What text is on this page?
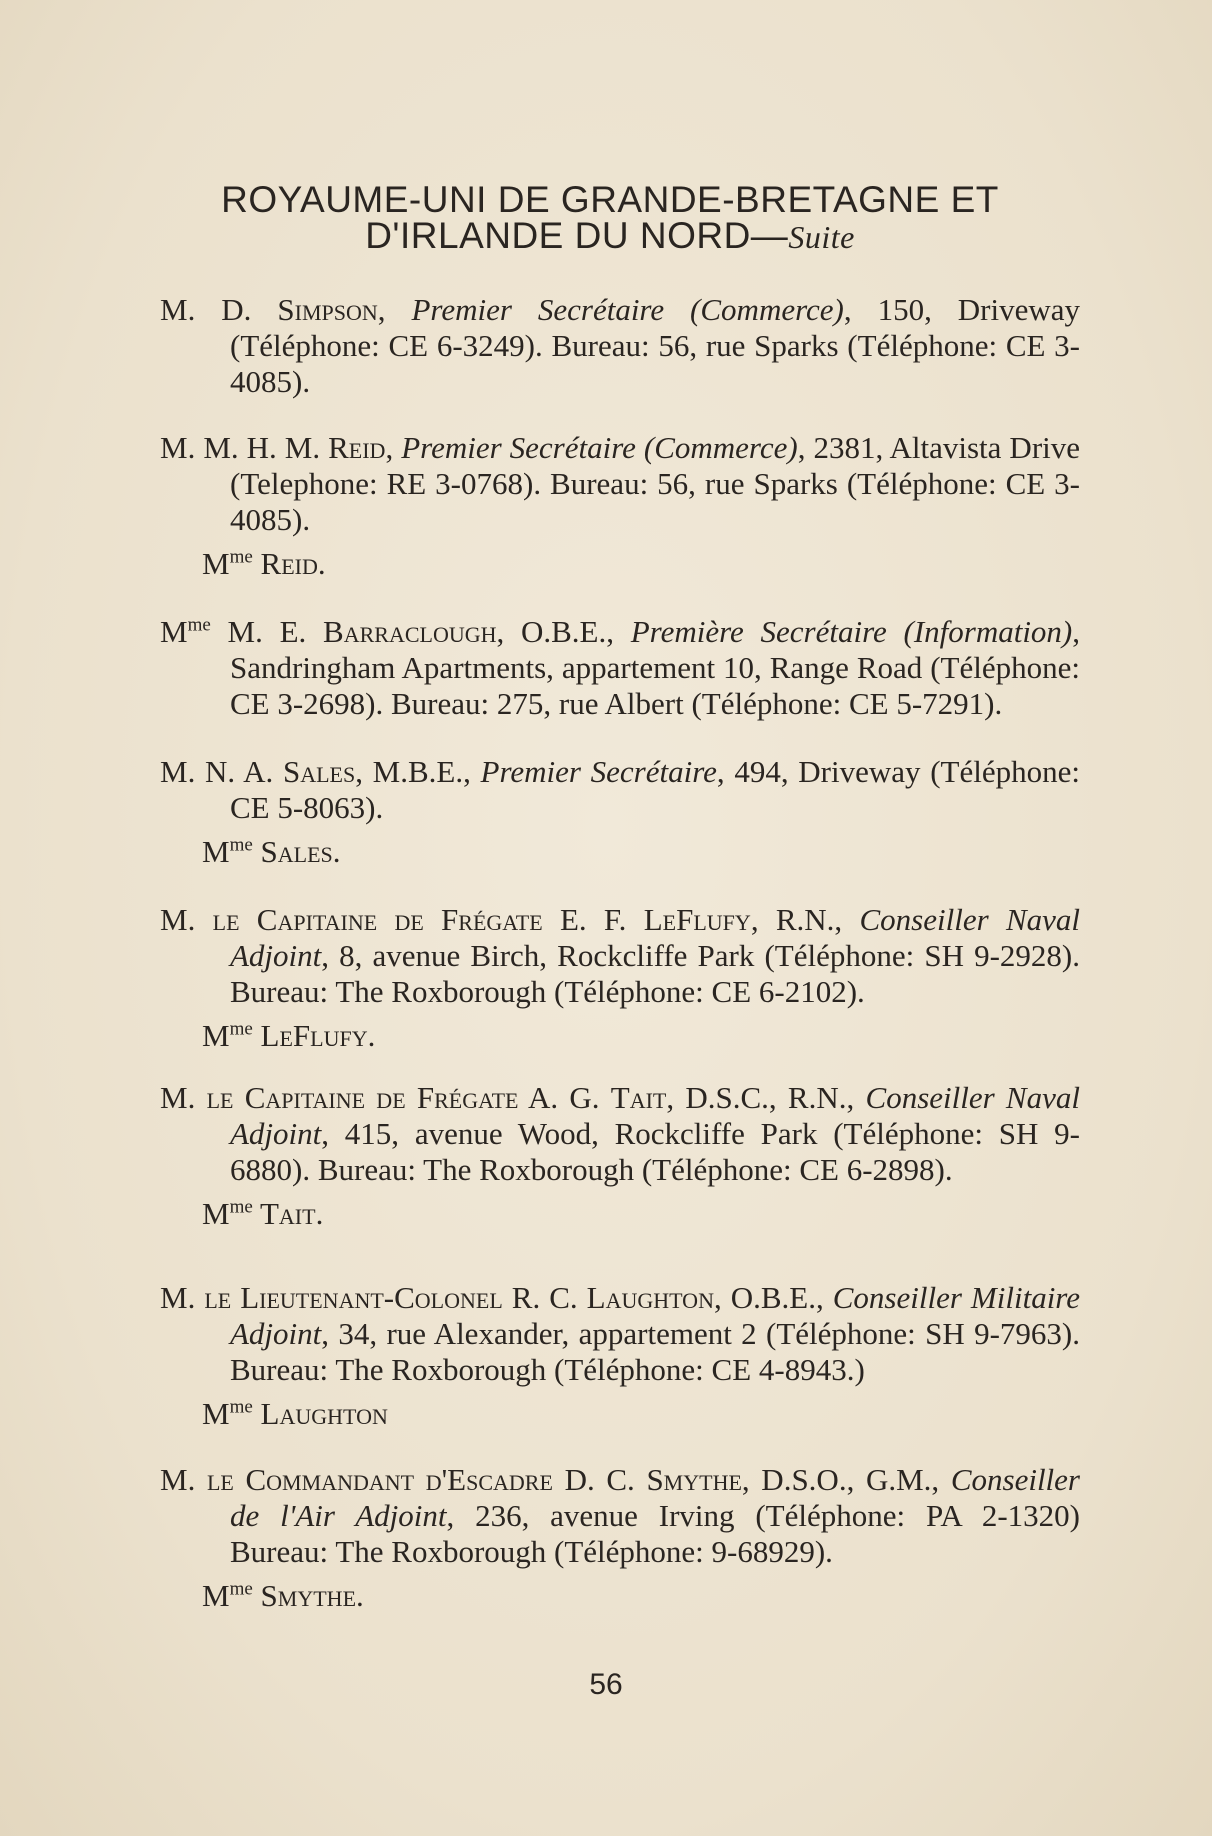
ROYAUME-UNI DE GRANDE-BRETAGNE ET
D'IRLANDE DU NORD—Suite

M. D. Simpson, Premier Secrétaire (Commerce), 150, Driveway (Téléphone: CE 6-3249). Bureau: 56, rue Sparks (Téléphone: CE 3-4085).

M. M. H. M. Reid, Premier Secrétaire (Commerce), 2381, Altavista Drive (Telephone: RE 3-0768). Bureau: 56, rue Sparks (Téléphone: CE 3-4085).

$M^{me}$ Reid.

$M^{me}$ M. E. Barraclough, O.B.E., Première Secrétaire (Information), Sandringham Apartments, appartement 10, Range Road (Téléphone: CE 3-2698). Bureau: 275, rue Albert (Téléphone: CE 5-7291).

M. N. A. Sales, M.B.E., Premier Secrétaire, 494, Driveway (Téléphone: CE 5-8063).

$M^{me}$ Sales.

M. le Capitaine de Frégate E. F. LeFlufy, R.N., Conseiller Naval Adjoint, 8, avenue Birch, Rockcliffe Park (Téléphone: SH 9-2928). Bureau: The Roxborough (Téléphone: CE 6-2102).

$M^{me}$ LeFlufy.

M. le Capitaine de Frégate A. G. Tait, D.S.C., R.N., Conseiller Naval Adjoint, 415, avenue Wood, Rockcliffe Park (Téléphone: SH 9-6880). Bureau: The Roxborough (Téléphone: CE 6-2898).

$M^{me}$ Tait.

M. le Lieutenant-Colonel R. C. Laughton, O.B.E., Conseiller Militaire Adjoint, 34, rue Alexander, appartement 2 (Téléphone: SH 9-7963). Bureau: The Roxborough (Téléphone: CE 4-8943.)

$M^{me}$ Laughton

M. le Commandant d'Escadre D. C. Smythe, D.S.O., G.M., Conseiller de l'Air Adjoint, 236, avenue Irving (Téléphone: PA 2-1320) Bureau: The Roxborough (Téléphone: 9-68929).

$M^{me}$ Smythe.
56
